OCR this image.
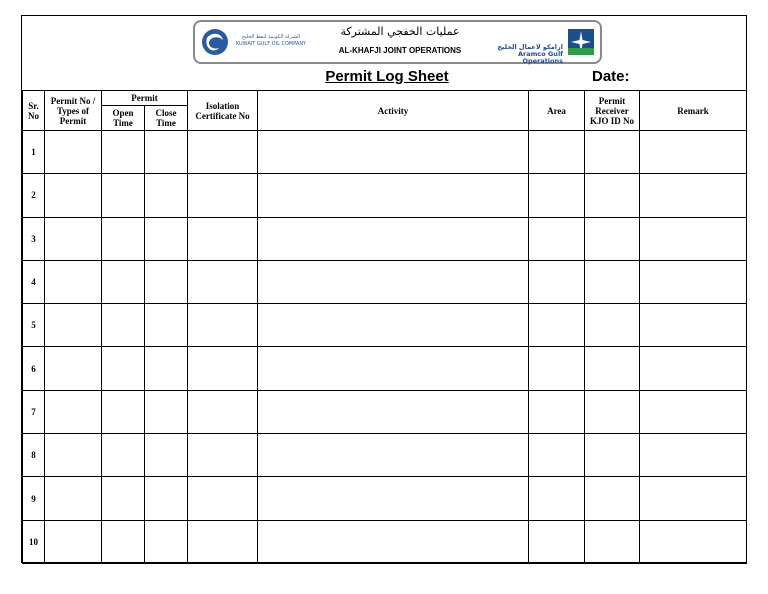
الشركة الكويتية لنفط الخليج
KUWAIT GULF OIL COMPANY
عمليات الخفجي المشتركة
AL-KHAFJI JOINT OPERATIONS	ارامكو لاعمال الخليج
Aramco Gulf Operations
Permit Log Sheet	Date:
Sr. No	Permit No / Types of Permit	Permit		Isolation Certificate No	Activity	Area	Permit Receiver KJO ID No	Remark
		Open Time	Close Time					
1								
2								
3								
4								
5								
6								
7								
8								
9								
10								
